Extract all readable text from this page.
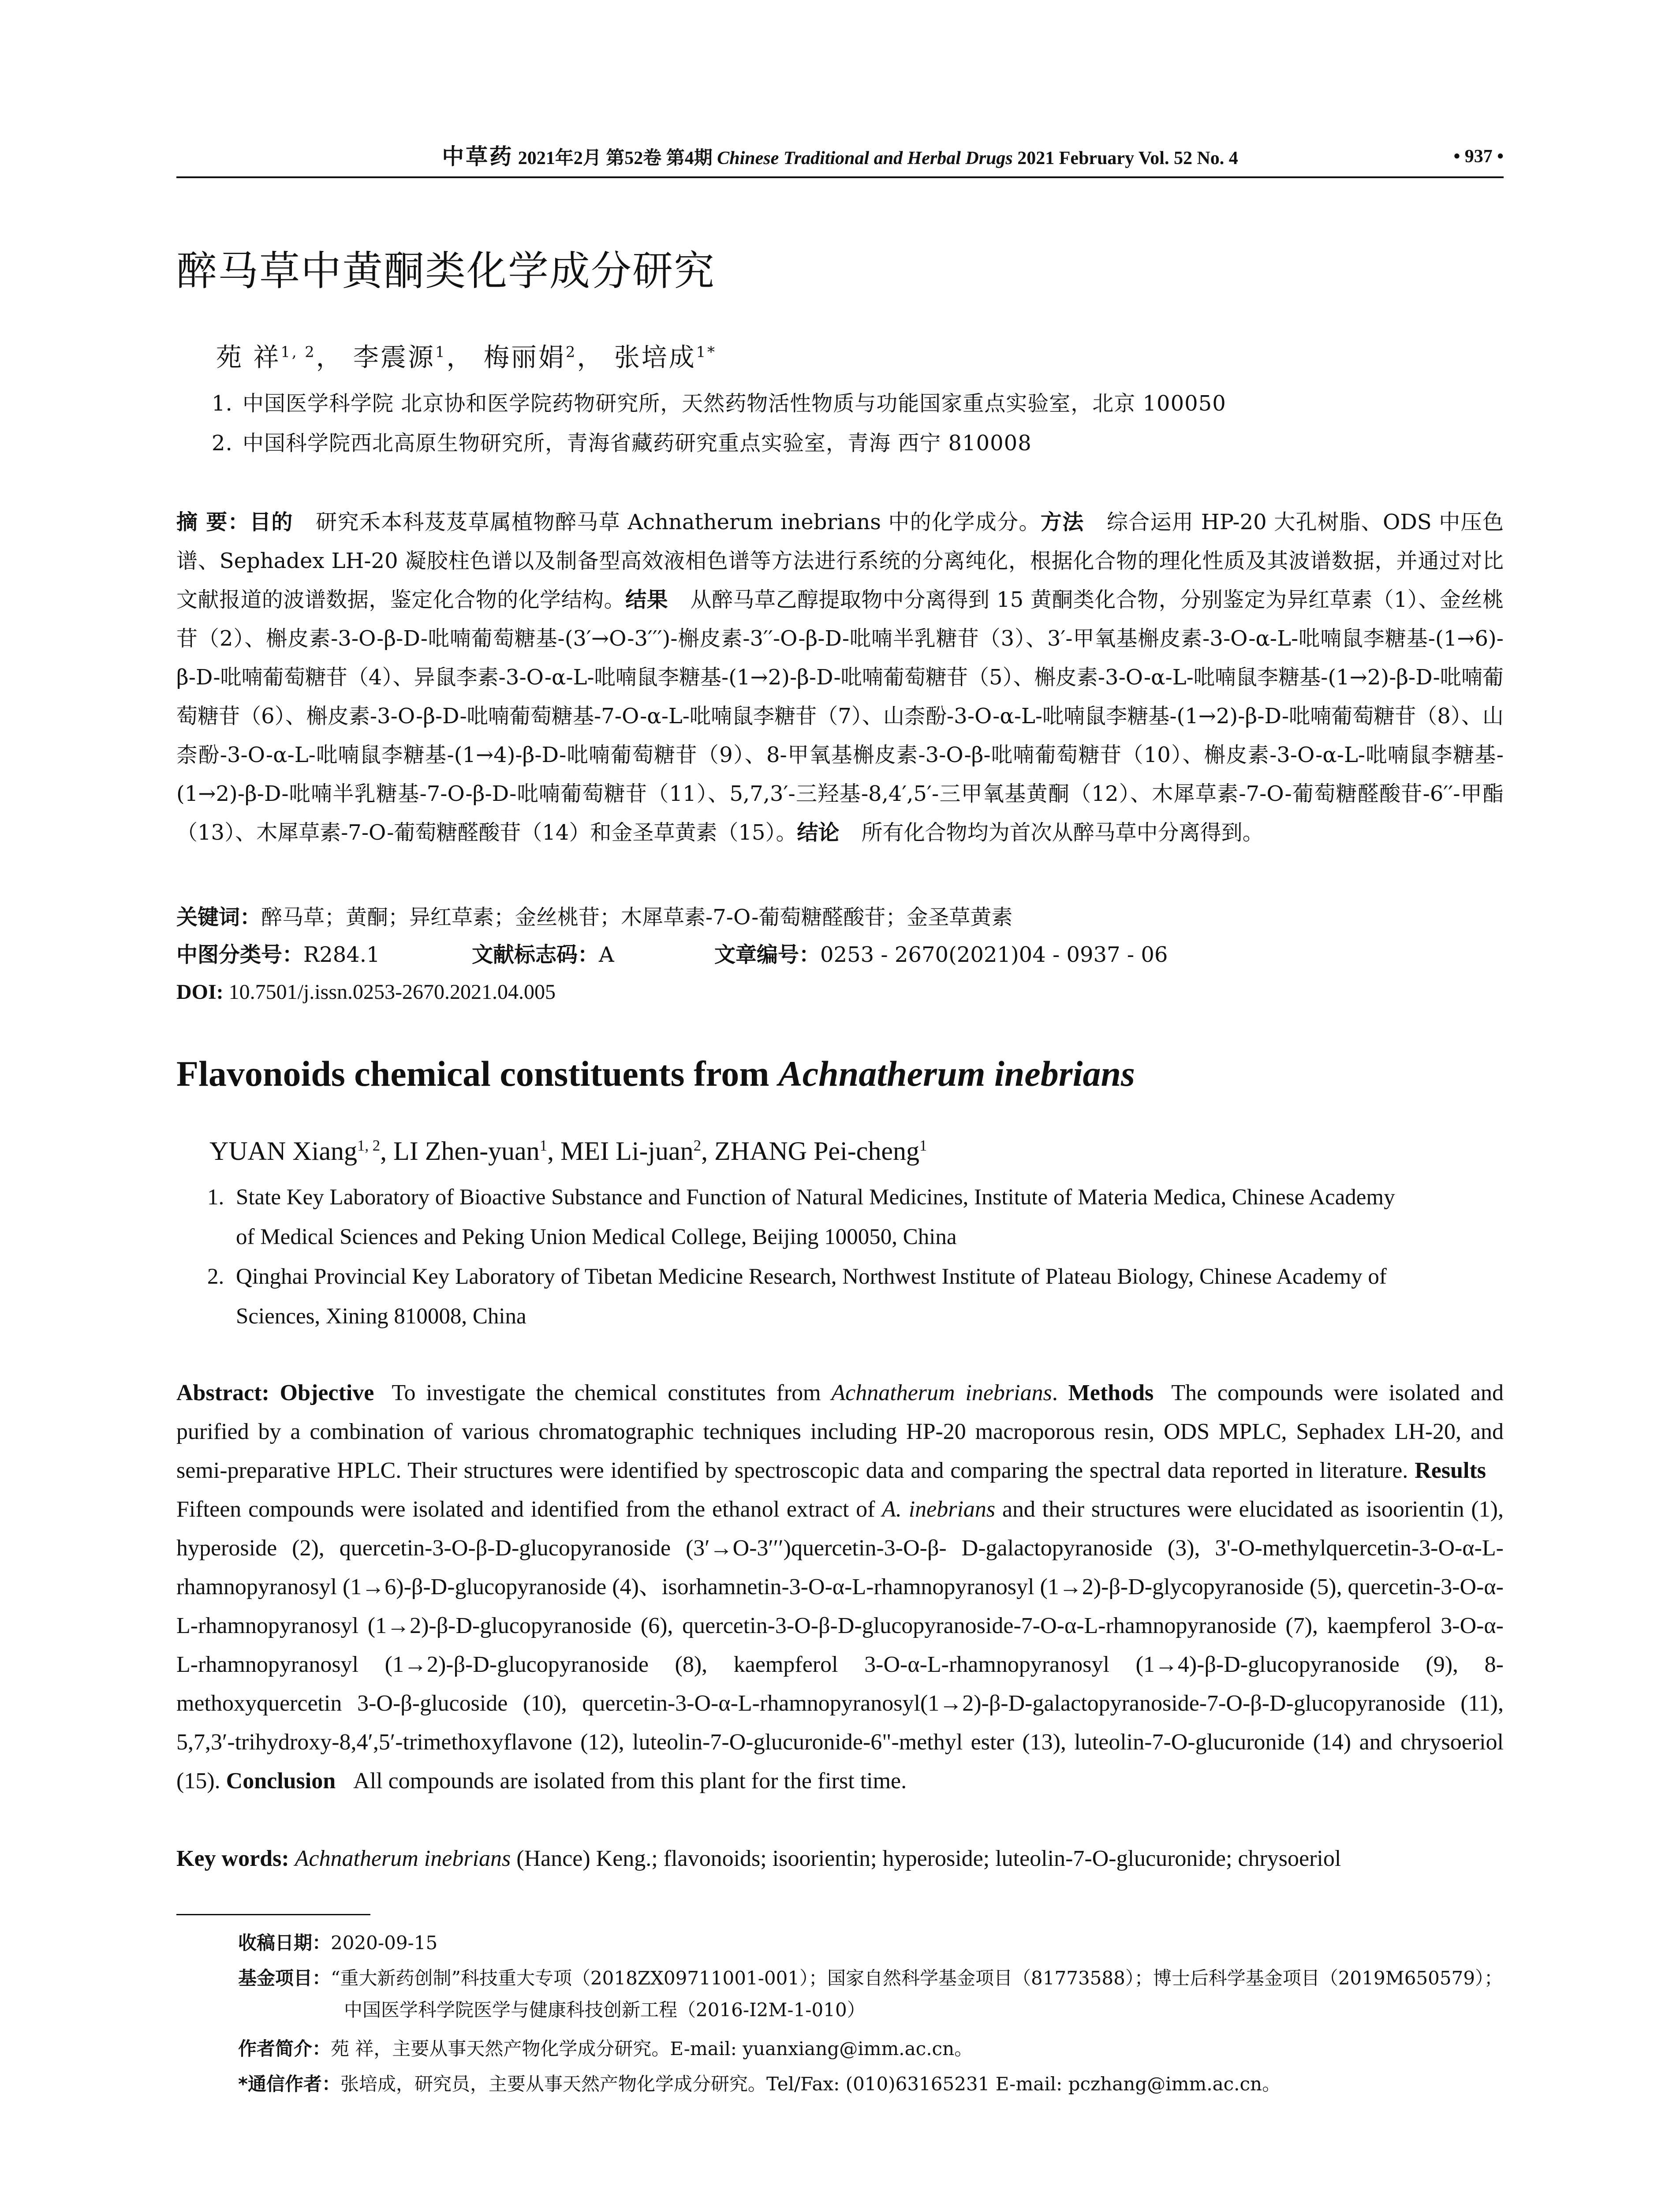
中草药 2021年2月 第52卷 第4期 Chinese Traditional and Herbal Drugs 2021 February Vol. 52 No. 4	• 937 •
醉马草中黄酮类化学成分研究
苑 祥$^{1, 2}$， 李震源$^1$， 梅丽娟$^2$， 张培成$^{1*}$
1. 中国医学科学院 北京协和医学院药物研究所，天然药物活性物质与功能国家重点实验室，北京 100050
2. 中国科学院西北高原生物研究所，青海省藏药研究重点实验室，青海 西宁 810008
摘 要：目的 研究禾本科芨芨草属植物醉马草 Achnatherum inebrians 中的化学成分。方法 综合运用 HP-20 大孔树脂、ODS 中压色谱、Sephadex LH-20 凝胶柱色谱以及制备型高效液相色谱等方法进行系统的分离纯化，根据化合物的理化性质及其波谱数据，并通过对比文献报道的波谱数据，鉴定化合物的化学结构。结果 从醉马草乙醇提取物中分离得到 15 黄酮类化合物，分别鉴定为异红草素（1）、金丝桃苷（2）、槲皮素-3-O-β-D-吡喃葡萄糖基-(3′→O-3′′′)-槲皮素-3′′-O-β-D-吡喃半乳糖苷（3）、3′-甲氧基槲皮素-3-O-α-L-吡喃鼠李糖基-(1→6)-β-D-吡喃葡萄糖苷（4）、异鼠李素-3-O-α-L-吡喃鼠李糖基-(1→2)-β-D-吡喃葡萄糖苷（5）、槲皮素-3-O-α-L-吡喃鼠李糖基-(1→2)-β-D-吡喃葡萄糖苷（6）、槲皮素-3-O-β-D-吡喃葡萄糖基-7-O-α-L-吡喃鼠李糖苷（7）、山柰酚-3-O-α-L-吡喃鼠李糖基-(1→2)-β-D-吡喃葡萄糖苷（8）、山柰酚-3-O-α-L-吡喃鼠李糖基-(1→4)-β-D-吡喃葡萄糖苷（9）、8-甲氧基槲皮素-3-O-β-吡喃葡萄糖苷（10）、槲皮素-3-O-α-L-吡喃鼠李糖基-(1→2)-β-D-吡喃半乳糖基-7-O-β-D-吡喃葡萄糖苷（11）、5,7,3′-三羟基-8,4′,5′-三甲氧基黄酮（12）、木犀草素-7-O-葡萄糖醛酸苷-6′′-甲酯（13）、木犀草素-7-O-葡萄糖醛酸苷（14）和金圣草黄素（15）。结论 所有化合物均为首次从醉马草中分离得到。
关键词：醉马草；黄酮；异红草素；金丝桃苷；木犀草素-7-O-葡萄糖醛酸苷；金圣草黄素
中图分类号：R284.1	文献标志码：A	文章编号：0253 - 2670(2021)04 - 0937 - 06
DOI: 10.7501/j.issn.0253-2670.2021.04.005
Flavonoids chemical constituents from Achnatherum inebrians
YUAN Xiang$^{1, 2}$, LI Zhen-yuan$^1$, MEI Li-juan$^2$, ZHANG Pei-cheng$^1$
1. State Key Laboratory of Bioactive Substance and Function of Natural Medicines, Institute of Materia Medica, Chinese Academy
of Medical Sciences and Peking Union Medical College, Beijing 100050, China
2. Qinghai Provincial Key Laboratory of Tibetan Medicine Research, Northwest Institute of Plateau Biology, Chinese Academy of
Sciences, Xining 810008, China
Abstract: Objective To investigate the chemical constitutes from Achnatherum inebrians. Methods The compounds were isolated and purified by a combination of various chromatographic techniques including HP-20 macroporous resin, ODS MPLC, Sephadex LH-20, and semi-preparative HPLC. Their structures were identified by spectroscopic data and comparing the spectral data reported in literature. ResultsFifteen compounds were isolated and identified from the ethanol extract of A. inebrians and their structures were elucidated as isoorientin (1), hyperoside (2), quercetin-3-O-β-D-glucopyranoside (3′→O-3′′′)quercetin-3-O-β- D-galactopyranoside (3), 3'-O-methylquercetin-3-O-α-L-rhamnopyranosyl (1→6)-β-D-glucopyranoside (4)、isorhamnetin-3-O-α-L-rhamnopyranosyl (1→2)-β-D-glycopyranoside (5), quercetin-3-O-α-L-rhamnopyranosyl (1→2)-β-D-glucopyranoside (6), quercetin-3-O-β-D-glucopyranoside-7-O-α-L-rhamnopyranoside (7), kaempferol 3-O-α-L-rhamnopyranosyl (1→2)-β-D-glucopyranoside (8), kaempferol 3-O-α-L-rhamnopyranosyl (1→4)-β-D-glucopyranoside (9), 8-methoxyquercetin 3-O-β-glucoside (10), quercetin-3-O-α-L-rhamnopyranosyl(1→2)-β-D-galactopyranoside-7-O-β-D-glucopyranoside (11), 5,7,3′-trihydroxy-8,4′,5′-trimethoxyflavone (12), luteolin-7-O-glucuronide-6"-methyl ester (13), luteolin-7-O-glucuronide (14) and chrysoeriol (15). Conclusion All compounds are isolated from this plant for the first time.
Key words: Achnatherum inebrians (Hance) Keng.; flavonoids; isoorientin; hyperoside; luteolin-7-O-glucuronide; chrysoeriol
收稿日期：2020-09-15
基金项目：“重大新药创制”科技重大专项（2018ZX09711001-001）；国家自然科学基金项目（81773588）；博士后科学基金项目（2019M650579）；
中国医学科学院医学与健康科技创新工程（2016-I2M-1-010）
作者简介：苑 祥，主要从事天然产物化学成分研究。E-mail: yuanxiang@imm.ac.cn。
*通信作者：张培成，研究员，主要从事天然产物化学成分研究。Tel/Fax: (010)63165231 E-mail: pczhang@imm.ac.cn。
